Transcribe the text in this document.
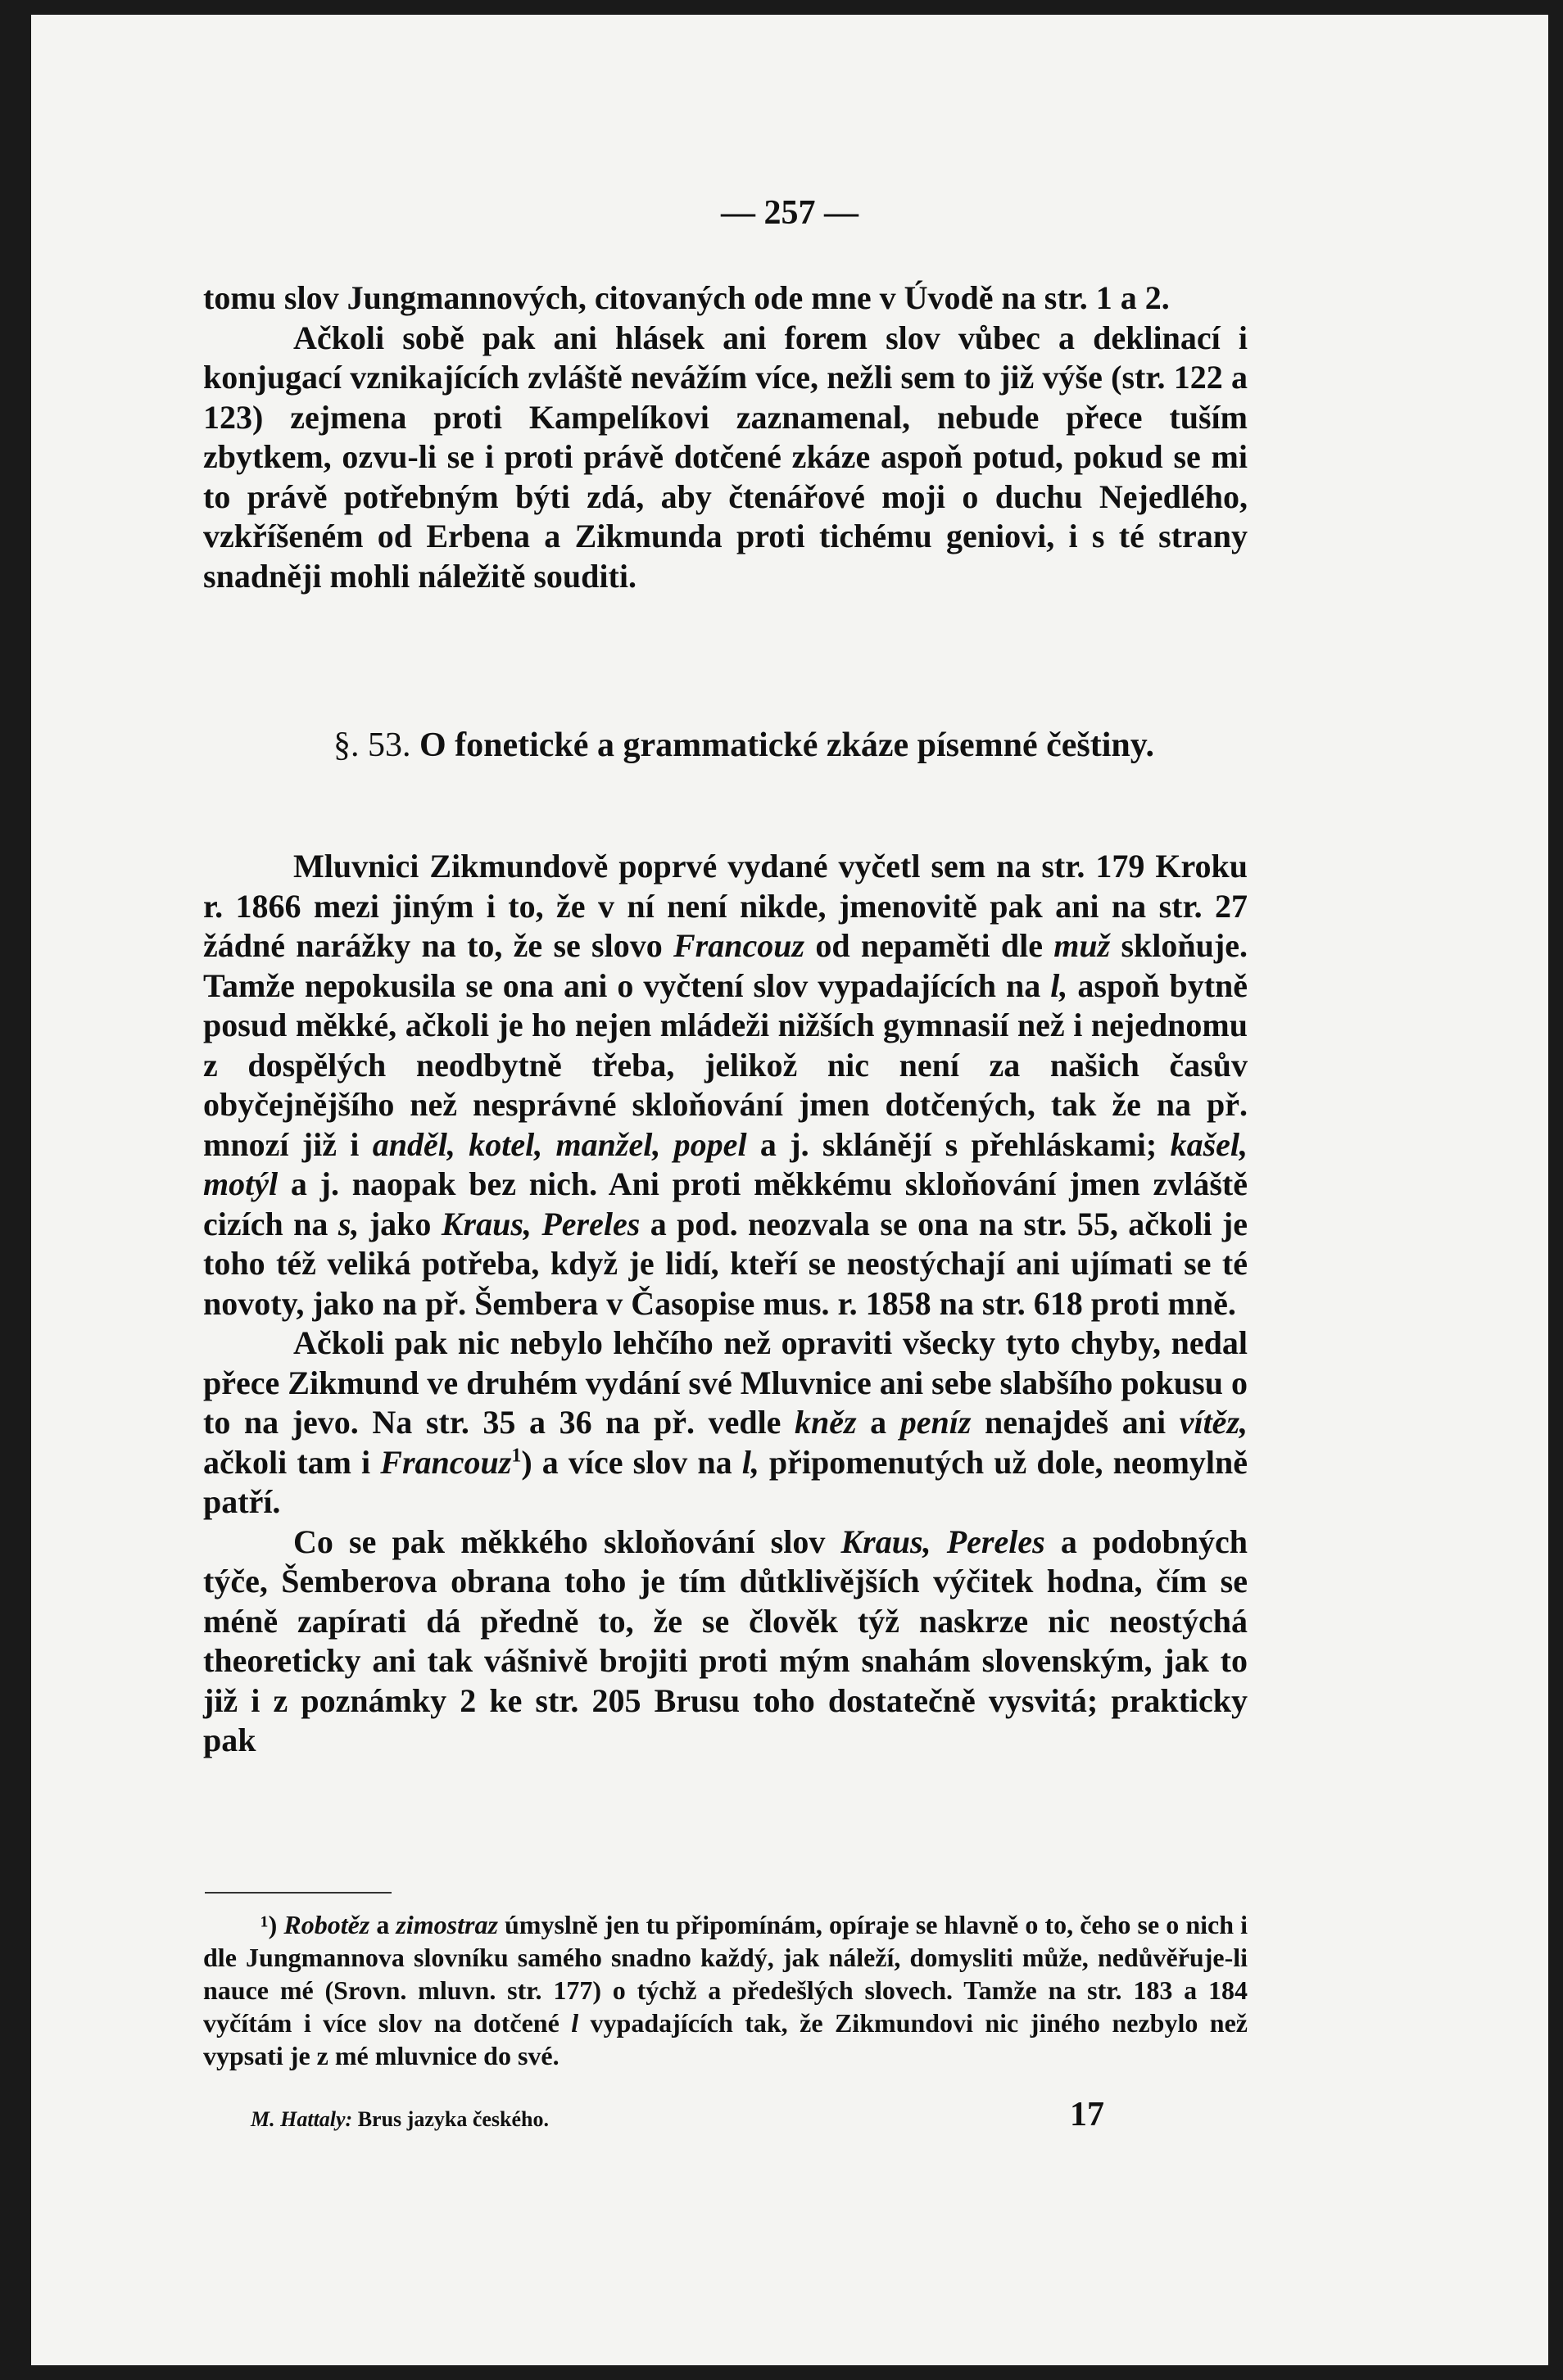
— 257 —

tomu slov Jungmannových, citovaných ode mne v Úvodě na str. 1 a 2.

Ačkoli sobě pak ani hlásek ani forem slov vůbec a deklinací i konjugací vznikajících zvláště nevážím více, nežli sem to již výše (str. 122 a 123) zejmena proti Kampelíkovi zaznamenal, nebude přece tuším zbytkem, ozvu-li se i proti právě dotčené zkáze aspoň potud, pokud se mi to právě potřebným býti zdá, aby čtenářové moji o duchu Nejedlého, vzkříšeném od Erbena a Zikmunda proti tichému geniovi, i s té strany snadněji mohli náležitě souditi.

§. 53. O fonetické a grammatické zkáze písemné češtiny.

Mluvnici Zikmundově poprvé vydané vyčetl sem na str. 179 Kroku r. 1866 mezi jiným i to, že v ní není nikde, jmenovitě pak ani na str. 27 žádné narážky na to, že se slovo Francouz od nepaměti dle muž skloňuje. Tamže nepokusila se ona ani o vyčtení slov vypadajících na l, aspoň bytně posud měkké, ačkoli je ho nejen mládeži nižších gymnasií než i nejednomu z dospělých neodbytně třeba, jelikož nic není za našich časův obyčejnějšího než nesprávné skloňování jmen dotčených, tak že na př. mnozí již i anděl, kotel, manžel, popel a j. sklánějí s přehláskami; kašel, motýl a j. naopak bez nich. Ani proti měkkému skloňování jmen zvláště cizích na s, jako Kraus, Pereles a pod. neozvala se ona na str. 55, ačkoli je toho též veliká potřeba, když je lidí, kteří se neostýchají ani ujímati se té novoty, jako na př. Šembera v Časopise mus. r. 1858 na str. 618 proti mně.

Ačkoli pak nic nebylo lehčího než opraviti všecky tyto chyby, nedal přece Zikmund ve druhém vydání své Mluvnice ani sebe slabšího pokusu o to na jevo. Na str. 35 a 36 na př. vedle kněz a peníz nenajdeš ani vítěz, ačkoli tam i Francouz$^1$) a více slov na l, připomenutých už dole, neomylně patří.

Co se pak měkkého skloňování slov Kraus, Pereles a podobných týče, Šemberova obrana toho je tím důtklivějších výčitek hodna, čím se méně zapírati dá předně to, že se člověk týž naskrze nic neostýchá theoreticky ani tak vášnivě brojiti proti mým snahám slovenským, jak to již i z poznámky 2 ke str. 205 Brusu toho dostatečně vysvitá; prakticky pak

¹) Robotěz a zimostraz úmyslně jen tu připomínám, opíraje se hlavně o to, čeho se o nich i dle Jungmannova slovníku samého snadno každý, jak náleží, domysliti může, nedůvěřuje-li nauce mé (Srovn. mluvn. str. 177) o týchž a předešlých slovech. Tamže na str. 183 a 184 vyčítám i více slov na dotčené l vypadajících tak, že Zikmundovi nic jiného nezbylo než vypsati je z mé mluvnice do své.

M. Hattaly: Brus jazyka českého.	17
